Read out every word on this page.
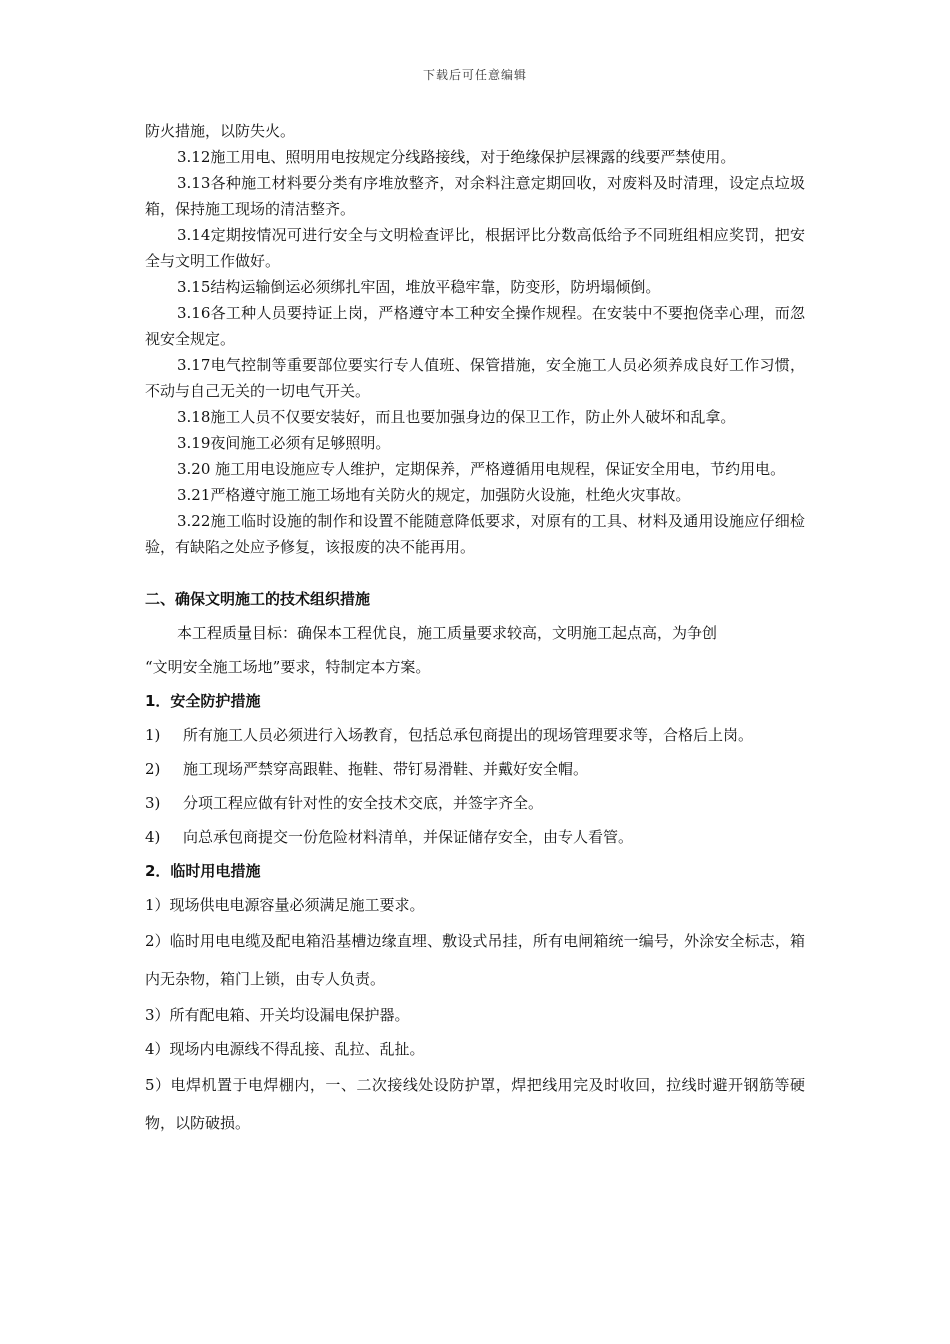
下载后可任意编辑

防火措施，以防失火。

3.12施工用电、照明用电按规定分线路接线，对于绝缘保护层裸露的线要严禁使用。

3.13各种施工材料要分类有序堆放整齐，对余料注意定期回收，对废料及时清理，设定点垃圾箱，保持施工现场的清洁整齐。

3.14定期按情况可进行安全与文明检查评比，根据评比分数高低给予不同班组相应奖罚，把安全与文明工作做好。

3.15结构运输倒运必须绑扎牢固，堆放平稳牢靠，防变形，防坍塌倾倒。

3.16各工种人员要持证上岗，严格遵守本工种安全操作规程。在安装中不要抱侥幸心理，而忽视安全规定。

3.17电气控制等重要部位要实行专人值班、保管措施，安全施工人员必须养成良好工作习惯，不动与自己无关的一切电气开关。

3.18施工人员不仅要安装好，而且也要加强身边的保卫工作，防止外人破坏和乱拿。

3.19夜间施工必须有足够照明。

3.20 施工用电设施应专人维护，定期保养，严格遵循用电规程，保证安全用电，节约用电。

3.21严格遵守施工施工场地有关防火的规定，加强防火设施，杜绝火灾事故。

3.22施工临时设施的制作和设置不能随意降低要求，对原有的工具、材料及通用设施应仔细检验，有缺陷之处应予修复，该报废的决不能再用。

二、确保文明施工的技术组织措施

本工程质量目标：确保本工程优良，施工质量要求较高，文明施工起点高，为争创

“文明安全施工场地”要求，特制定本方案。

1．安全防护措施

1) 所有施工人员必须进行入场教育，包括总承包商提出的现场管理要求等，合格后上岗。

2) 施工现场严禁穿高跟鞋、拖鞋、带钉易滑鞋、并戴好安全帽。

3) 分项工程应做有针对性的安全技术交底，并签字齐全。

4) 向总承包商提交一份危险材料清单，并保证储存安全，由专人看管。

2．临时用电措施

1）现场供电电源容量必须满足施工要求。

2）临时用电电缆及配电箱沿基槽边缘直埋、敷设式吊挂，所有电闸箱统一编号，外涂安全标志，箱内无杂物，箱门上锁，由专人负责。

3）所有配电箱、开关均设漏电保护器。

4）现场内电源线不得乱接、乱拉、乱扯。

5）电焊机置于电焊棚内，一、二次接线处设防护罩，焊把线用完及时收回，拉线时避开钢筋等硬物，以防破损。
